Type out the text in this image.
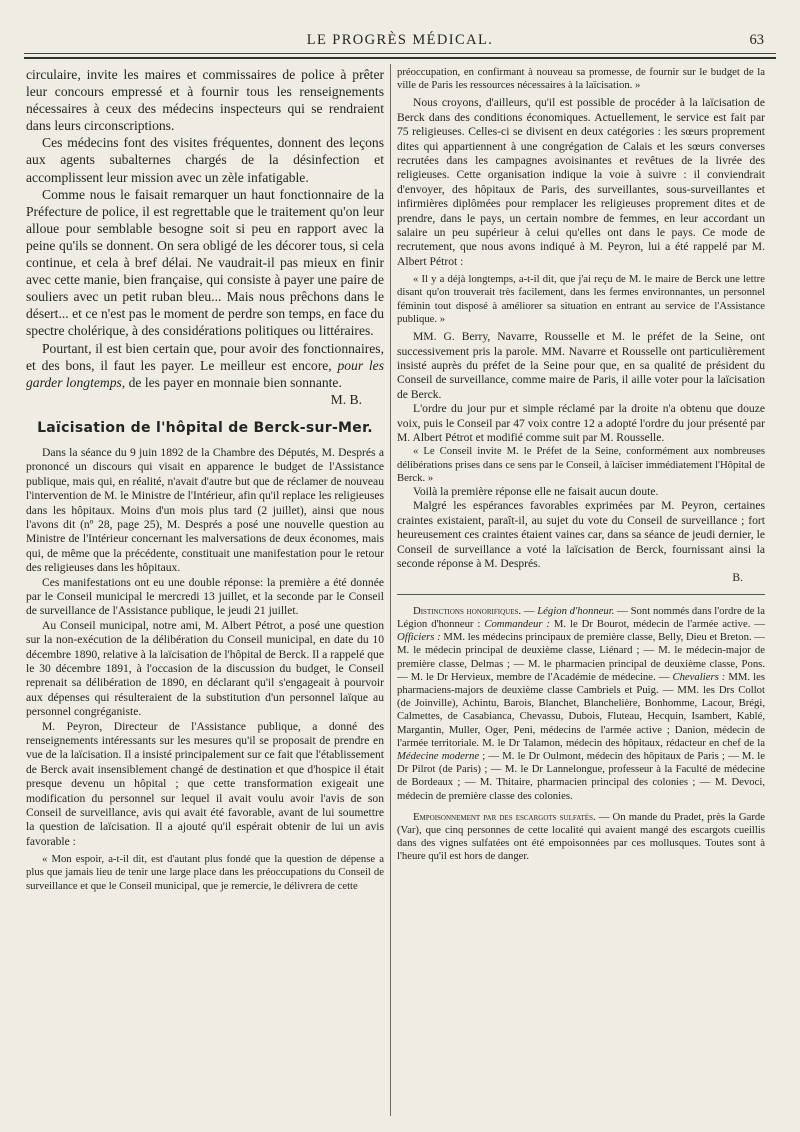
LE PROGRÈS MÉDICAL.	63

circulaire, invite les maires et commissaires de police à prêter leur concours empressé et à fournir tous les renseignements nécessaires à ceux des médecins inspecteurs qui se rendraient dans leurs circonscriptions.

Ces médecins font des visites fréquentes, donnent des leçons aux agents subalternes chargés de la désinfection et accomplissent leur mission avec un zèle infatigable.

Comme nous le faisait remarquer un haut fonctionnaire de la Préfecture de police, il est regrettable que le traitement qu'on leur alloue pour semblable besogne soit si peu en rapport avec la peine qu'ils se donnent. On sera obligé de les décorer tous, si cela continue, et cela à bref délai. Ne vaudrait-il pas mieux en finir avec cette manie, bien française, qui consiste à payer une paire de souliers avec un petit ruban bleu... Mais nous prêchons dans le désert... et ce n'est pas le moment de perdre son temps, en face du spectre cholérique, à des considérations politiques ou littéraires.

Pourtant, il est bien certain que, pour avoir des fonctionnaires, et des bons, il faut les payer. Le meilleur est encore, pour les garder longtemps, de les payer en monnaie bien sonnante.

M. B.

Laïcisation de l'hôpital de Berck-sur-Mer.

Dans la séance du 9 juin 1892 de la Chambre des Députés, M. Després a prononcé un discours qui visait en apparence le budget de l'Assistance publique, mais qui, en réalité, n'avait d'autre but que de réclamer de nouveau l'intervention de M. le Ministre de l'Intérieur, afin qu'il replace les religieuses dans les hôpitaux. Moins d'un mois plus tard (2 juillet), ainsi que nous l'avons dit (nº 28, page 25), M. Després a posé une nouvelle question au Ministre de l'Intérieur concernant les malversations de deux économes, mais qui, de même que la précédente, constituait une manifestation pour le retour des religieuses dans les hôpitaux.

Ces manifestations ont eu une double réponse: la première a été donnée par le Conseil municipal le mercredi 13 juillet, et la seconde par le Conseil de surveillance de l'Assistance publique, le jeudi 21 juillet.

Au Conseil municipal, notre ami, M. Albert Pétrot, a posé une question sur la non-exécution de la délibération du Conseil municipal, en date du 10 décembre 1890, relative à la laïcisation de l'hôpital de Berck. Il a rappelé que le 30 décembre 1891, à l'occasion de la discussion du budget, le Conseil reprenait sa délibération de 1890, en déclarant qu'il s'engageait à pourvoir aux dépenses qui résulteraient de la substitution d'un personnel laïque au personnel congréganiste.

M. Peyron, Directeur de l'Assistance publique, a donné des renseignements intéressants sur les mesures qu'il se proposait de prendre en vue de la laïcisation. Il a insisté principalement sur ce fait que l'établissement de Berck avait insensiblement changé de destination et que d'hospice il était presque devenu un hôpital ; que cette transformation exigeait une modification du personnel sur lequel il avait voulu avoir l'avis de son Conseil de surveillance, avis qui avait été favorable, avant de lui soumettre la question de laïcisation. Il a ajouté qu'il espérait obtenir de lui un avis favorable :

« Mon espoir, a-t-il dit, est d'autant plus fondé que la question de dépense a plus que jamais lieu de tenir une large place dans les préoccupations du Conseil de surveillance et que le Conseil municipal, que je remercie, le délivrera de cette

préoccupation, en confirmant à nouveau sa promesse, de fournir sur le budget de la ville de Paris les ressources nécessaires à la laïcisation. »

Nous croyons, d'ailleurs, qu'il est possible de procéder à la laïcisation de Berck dans des conditions économiques. Actuellement, le service est fait par 75 religieuses. Celles-ci se divisent en deux catégories : les sœurs proprement dites qui appartiennent à une congrégation de Calais et les sœurs converses recrutées dans les campagnes avoisinantes et revêtues de la livrée des religieuses. Cette organisation indique la voie à suivre : il conviendrait d'envoyer, des hôpitaux de Paris, des surveillantes, sous-surveillantes et infirmières diplômées pour remplacer les religieuses proprement dites et de prendre, dans le pays, un certain nombre de femmes, en leur accordant un salaire un peu supérieur à celui qu'elles ont dans le pays. Ce mode de recrutement, que nous avons indiqué à M. Peyron, lui a été rappelé par M. Albert Pétrot :

« Il y a déjà longtemps, a-t-il dit, que j'ai reçu de M. le maire de Berck une lettre disant qu'on trouverait très facilement, dans les fermes environnantes, un personnel féminin tout disposé à améliorer sa situation en entrant au service de l'Assistance publique. »

MM. G. Berry, Navarre, Rousselle et M. le préfet de la Seine, ont successivement pris la parole. MM. Navarre et Rousselle ont particulièrement insisté auprès du préfet de la Seine pour que, en sa qualité de président du Conseil de surveillance, comme maire de Paris, il aille voter pour la laïcisation de Berck.

L'ordre du jour pur et simple réclamé par la droite n'a obtenu que douze voix, puis le Conseil par 47 voix contre 12 a adopté l'ordre du jour présenté par M. Albert Pétrot et modifié comme suit par M. Rousselle.

« Le Conseil invite M. le Préfet de la Seine, conformément aux nombreuses délibérations prises dans ce sens par le Conseil, à laïciser immédiatement l'Hôpital de Berck. »

Voilà la première réponse elle ne faisait aucun doute.

Malgré les espérances favorables exprimées par M. Peyron, certaines craintes existaient, paraît-il, au sujet du vote du Conseil de surveillance ; fort heureusement ces craintes étaient vaines car, dans sa séance de jeudi dernier, le Conseil de surveillance a voté la laïcisation de Berck, fournissant ainsi la seconde réponse à M. Després.

B.

Distinctions honorifiques. — Légion d'honneur. — Sont nommés dans l'ordre de la Légion d'honneur : Commandeur : M. le Dr Bourot, médecin de l'armée active. — Officiers : MM. les médecins principaux de première classe, Belly, Dieu et Breton. — M. le médecin principal de deuxième classe, Liénard ; — M. le médecin-major de première classe, Delmas ; — M. le pharmacien principal de deuxième classe, Pons. — M. le Dr Hervieux, membre de l'Académie de médecine. — Chevaliers : MM. les pharmaciens-majors de deuxième classe Cambriels et Puig. — MM. les Drs Collot (de Joinville), Achintu, Barois, Blanchet, Blanchelière, Bonhomme, Lacour, Brégi, Calmettes, de Casabianca, Chevassu, Dubois, Fluteau, Hecquin, Isambert, Kablé, Margantin, Muller, Oger, Peni, médecins de l'armée active ; Danion, médecin de l'armée territoriale. M. le Dr Talamon, médecin des hôpitaux, rédacteur en chef de la Médecine moderne ; — M. le Dr Oulmont, médecin des hôpitaux de Paris ; — M. le Dr Pilrot (de Paris) ; — M. le Dr Lannelongue, professeur à la Faculté de médecine de Bordeaux ; — M. Thitaire, pharmacien principal des colonies ; — M. Devoci, médecin de première classe des colonies.

Empoisonnement par des escargots sulfatés. — On mande du Pradet, près la Garde (Var), que cinq personnes de cette localité qui avaient mangé des escargots cueillis dans des vignes sulfatées ont été empoisonnées par ces mollusques. Toutes sont à l'heure qu'il est hors de danger.
